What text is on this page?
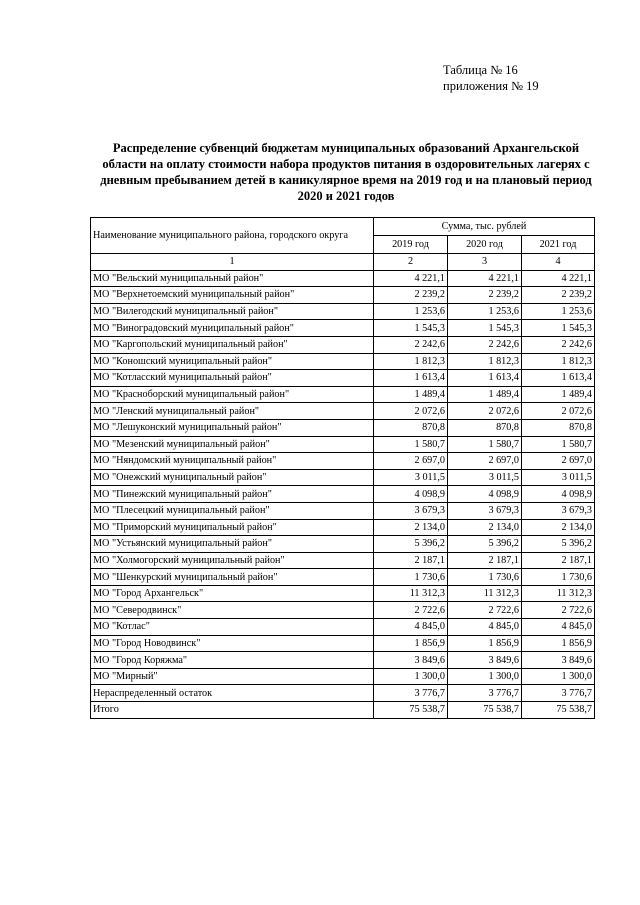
Таблица № 16
приложения № 19
Распределение субвенций бюджетам муниципальных образований Архангельской области на оплату стоимости набора продуктов питания в оздоровительных лагерях с дневным пребыванием детей в каникулярное время на 2019 год и на плановый период 2020 и 2021 годов
Наименование муниципального района, городского округа	Сумма, тыс. рублей		
	2019 год	2020 год	2021 год
1	2	3	4
МО "Вельский муниципальный район"	4 221,1	4 221,1	4 221,1
МО "Верхнетоемский муниципальный район"	2 239,2	2 239,2	2 239,2
МО "Вилегодский муниципальный район"	1 253,6	1 253,6	1 253,6
МО "Виноградовский муниципальный район"	1 545,3	1 545,3	1 545,3
МО "Каргопольский муниципальный район"	2 242,6	2 242,6	2 242,6
МО "Коношский муниципальный район"	1 812,3	1 812,3	1 812,3
МО "Котласский муниципальный район"	1 613,4	1 613,4	1 613,4
МО "Красноборский муниципальный район"	1 489,4	1 489,4	1 489,4
МО "Ленский муниципальный район"	2 072,6	2 072,6	2 072,6
МО "Лешуконский муниципальный район"	870,8	870,8	870,8
МО "Мезенский муниципальный район"	1 580,7	1 580,7	1 580,7
МО "Няндомский муниципальный район"	2 697,0	2 697,0	2 697,0
МО "Онежский муниципальный район"	3 011,5	3 011,5	3 011,5
МО "Пинежский муниципальный район"	4 098,9	4 098,9	4 098,9
МО "Плесецкий муниципальный район"	3 679,3	3 679,3	3 679,3
МО "Приморский муниципальный район"	2 134,0	2 134,0	2 134,0
МО "Устьянский муниципальный район"	5 396,2	5 396,2	5 396,2
МО "Холмогорский муниципальный район"	2 187,1	2 187,1	2 187,1
МО "Шенкурский муниципальный район"	1 730,6	1 730,6	1 730,6
МО "Город Архангельск"	11 312,3	11 312,3	11 312,3
МО "Северодвинск"	2 722,6	2 722,6	2 722,6
МО "Котлас"	4 845,0	4 845,0	4 845,0
МО "Город Новодвинск"	1 856,9	1 856,9	1 856,9
МО "Город Коряжма"	3 849,6	3 849,6	3 849,6
МО "Мирный"	1 300,0	1 300,0	1 300,0
Нераспределенный остаток	3 776,7	3 776,7	3 776,7
Итого	75 538,7	75 538,7	75 538,7
